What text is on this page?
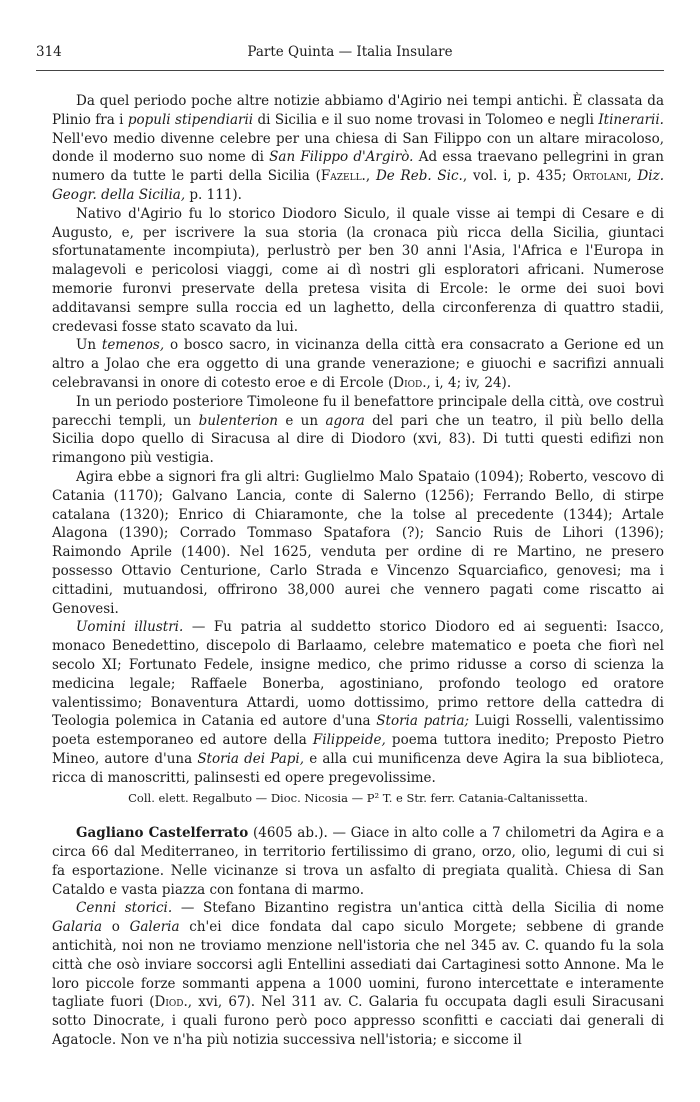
314	Parte Quinta — Italia Insulare

Da quel periodo poche altre notizie abbiamo d'Agirio nei tempi antichi. È classata da Plinio fra i populi stipendiarii di Sicilia e il suo nome trovasi in Tolomeo e negli Itinerarii. Nell'evo medio divenne celebre per una chiesa di San Filippo con un altare miracoloso, donde il moderno suo nome di San Filippo d'Argirò. Ad essa traevano pellegrini in gran numero da tutte le parti della Sicilia (Fazell., De Reb. Sic., vol. i, p. 435; Ortolani, Diz. Geogr. della Sicilia, p. 111).

Nativo d'Agirio fu lo storico Diodoro Siculo, il quale visse ai tempi di Cesare e di Augusto, e, per iscrivere la sua storia (la cronaca più ricca della Sicilia, giuntaci sfortunatamente incompiuta), perlustrò per ben 30 anni l'Asia, l'Africa e l'Europa in malagevoli e pericolosi viaggi, come ai dì nostri gli esploratori africani. Numerose memorie furonvi preservate della pretesa visita di Ercole: le orme dei suoi bovi additavansi sempre sulla roccia ed un laghetto, della circonferenza di quattro stadii, credevasi fosse stato scavato da lui.

Un temenos, o bosco sacro, in vicinanza della città era consacrato a Gerione ed un altro a Jolao che era oggetto di una grande venerazione; e giuochi e sacrifizi annuali celebravansi in onore di cotesto eroe e di Ercole (Diod., i, 4; iv, 24).

In un periodo posteriore Timoleone fu il benefattore principale della città, ove costruì parecchi templi, un bulenterion e un agora del pari che un teatro, il più bello della Sicilia dopo quello di Siracusa al dire di Diodoro (xvi, 83). Di tutti questi edifizi non rimangono più vestigia.

Agira ebbe a signori fra gli altri: Guglielmo Malo Spataio (1094); Roberto, vescovo di Catania (1170); Galvano Lancia, conte di Salerno (1256); Ferrando Bello, di stirpe catalana (1320); Enrico di Chiaramonte, che la tolse al precedente (1344); Artale Alagona (1390); Corrado Tommaso Spatafora (?); Sancio Ruis de Lihori (1396); Raimondo Aprile (1400). Nel 1625, venduta per ordine di re Martino, ne presero possesso Ottavio Centurione, Carlo Strada e Vincenzo Squarciafico, genovesi; ma i cittadini, mutuandosi, offrirono 38,000 aurei che vennero pagati come riscatto ai Genovesi.

Uomini illustri. — Fu patria al suddetto storico Diodoro ed ai seguenti: Isacco, monaco Benedettino, discepolo di Barlaamo, celebre matematico e poeta che fiorì nel secolo XI; Fortunato Fedele, insigne medico, che primo ridusse a corso di scienza la medicina legale; Raffaele Bonerba, agostiniano, profondo teologo ed oratore valentissimo; Bonaventura Attardi, uomo dottissimo, primo rettore della cattedra di Teologia polemica in Catania ed autore d'una Storia patria; Luigi Rosselli, valentissimo poeta estemporaneo ed autore della Filippeide, poema tuttora inedito; Preposto Pietro Mineo, autore d'una Storia dei Papi, e alla cui munificenza deve Agira la sua biblioteca, ricca di manoscritti, palinsesti ed opere pregevolissime.

Coll. elett. Regalbuto — Dioc. Nicosia — P² T. e Str. ferr. Catania-Caltanissetta.

Gagliano Castelferrato (4605 ab.). — Giace in alto colle a 7 chilometri da Agira e a circa 66 dal Mediterraneo, in territorio fertilissimo di grano, orzo, olio, legumi di cui si fa esportazione. Nelle vicinanze si trova un asfalto di pregiata qualità. Chiesa di San Cataldo e vasta piazza con fontana di marmo.

Cenni storici. — Stefano Bizantino registra un'antica città della Sicilia di nome Galaria o Galeria ch'ei dice fondata dal capo siculo Morgete; sebbene di grande antichità, noi non ne troviamo menzione nell'istoria che nel 345 av. C. quando fu la sola città che osò inviare soccorsi agli Entellini assediati dai Cartaginesi sotto Annone. Ma le loro piccole forze sommanti appena a 1000 uomini, furono intercettate e interamente tagliate fuori (Diod., xvi, 67). Nel 311 av. C. Galaria fu occupata dagli esuli Siracusani sotto Dinocrate, i quali furono però poco appresso sconfitti e cacciati dai generali di Agatocle. Non ve n'ha più notizia successiva nell'istoria; e siccome il
